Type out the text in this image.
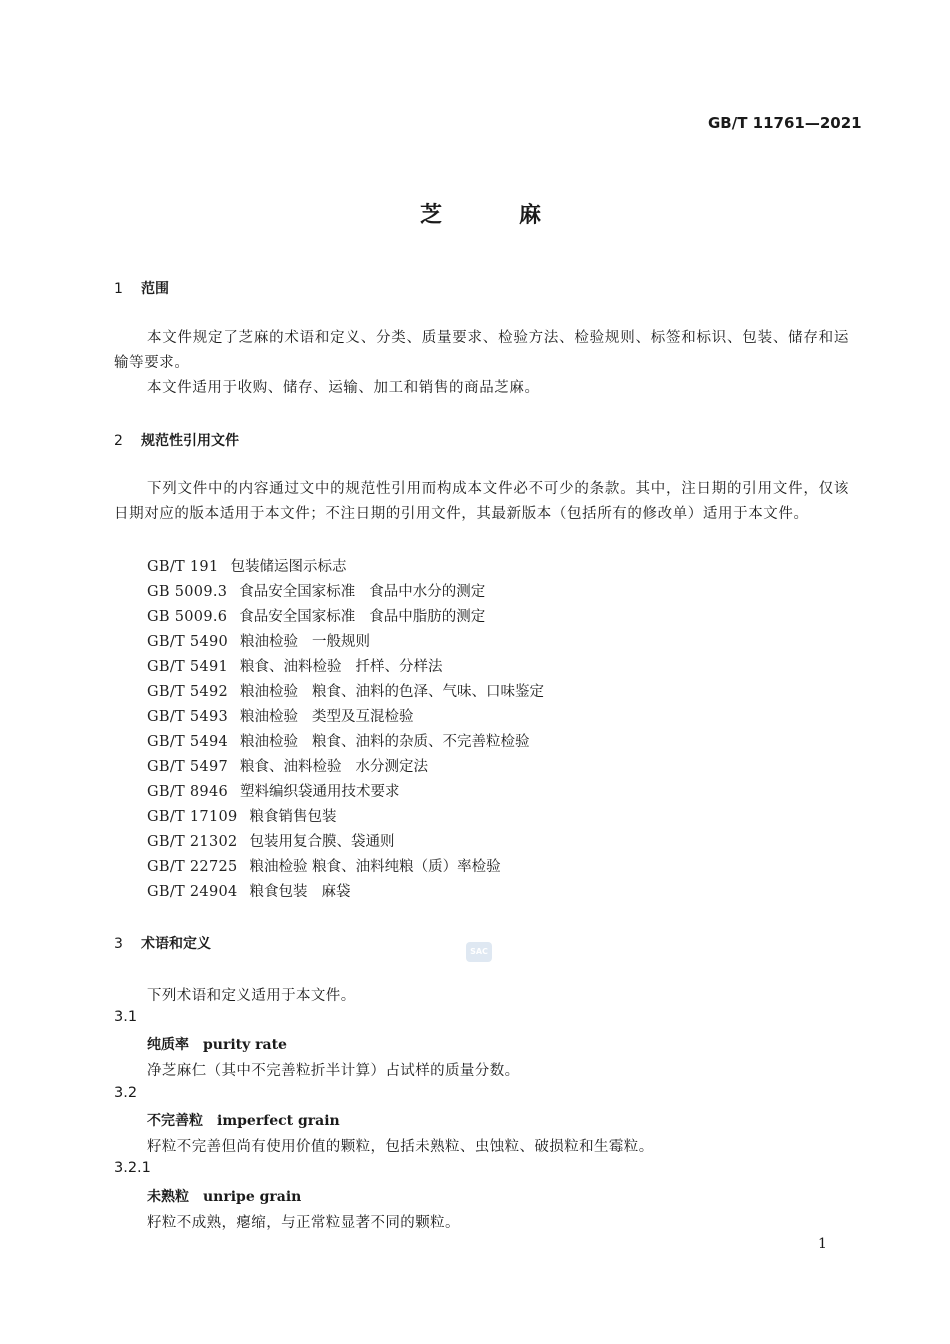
GB/T 11761—2021
芝	麻
1 范围

本文件规定了芝麻的术语和定义、分类、质量要求、检验方法、检验规则、标签和标识、包装、储存和运输等要求。

本文件适用于收购、储存、运输、加工和销售的商品芝麻。

2 规范性引用文件

下列文件中的内容通过文中的规范性引用而构成本文件必不可少的条款。其中，注日期的引用文件，仅该日期对应的版本适用于本文件；不注日期的引用文件，其最新版本（包括所有的修改单）适用于本文件。

GB/T 191 包装储运图示标志
GB 5009.3 食品安全国家标准 食品中水分的测定
GB 5009.6 食品安全国家标准 食品中脂肪的测定
GB/T 5490 粮油检验 一般规则
GB/T 5491 粮食、油料检验 扦样、分样法
GB/T 5492 粮油检验 粮食、油料的色泽、气味、口味鉴定
GB/T 5493 粮油检验 类型及互混检验
GB/T 5494 粮油检验 粮食、油料的杂质、不完善粒检验
GB/T 5497 粮食、油料检验 水分测定法
GB/T 8946 塑料编织袋通用技术要求
GB/T 17109 粮食销售包装
GB/T 21302 包装用复合膜、袋通则
GB/T 22725 粮油检验 粮食、油料纯粮（质）率检验
GB/T 24904 粮食包装 麻袋
3 术语和定义	SAC
下列术语和定义适用于本文件。
3.1
纯质率 purity rate
净芝麻仁（其中不完善粒折半计算）占试样的质量分数。
3.2
不完善粒 imperfect grain
籽粒不完善但尚有使用价值的颗粒，包括未熟粒、虫蚀粒、破损粒和生霉粒。
3.2.1
未熟粒 unripe grain
籽粒不成熟，瘪缩，与正常粒显著不同的颗粒。
1
